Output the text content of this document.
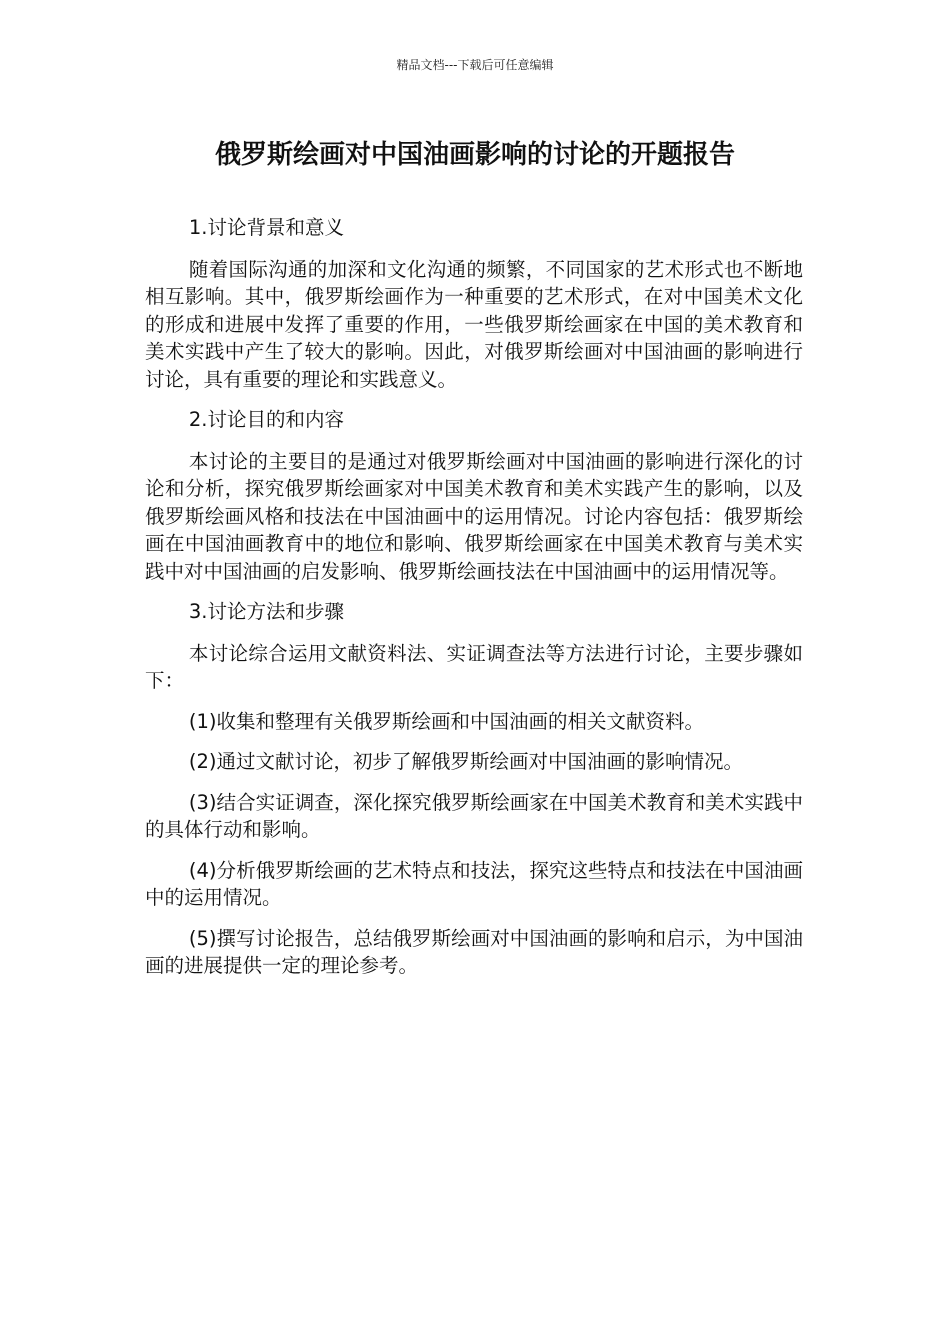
精品文档---下载后可任意编辑
俄罗斯绘画对中国油画影响的讨论的开题报告

1.讨论背景和意义

随着国际沟通的加深和文化沟通的频繁，不同国家的艺术形式也不断地相互影响。其中，俄罗斯绘画作为一种重要的艺术形式，在对中国美术文化的形成和进展中发挥了重要的作用，一些俄罗斯绘画家在中国的美术教育和美术实践中产生了较大的影响。因此，对俄罗斯绘画对中国油画的影响进行讨论，具有重要的理论和实践意义。

2.讨论目的和内容

本讨论的主要目的是通过对俄罗斯绘画对中国油画的影响进行深化的讨论和分析，探究俄罗斯绘画家对中国美术教育和美术实践产生的影响，以及俄罗斯绘画风格和技法在中国油画中的运用情况。讨论内容包括：俄罗斯绘画在中国油画教育中的地位和影响、俄罗斯绘画家在中国美术教育与美术实践中对中国油画的启发影响、俄罗斯绘画技法在中国油画中的运用情况等。

3.讨论方法和步骤

本讨论综合运用文献资料法、实证调查法等方法进行讨论，主要步骤如下：

(1)收集和整理有关俄罗斯绘画和中国油画的相关文献资料。

(2)通过文献讨论，初步了解俄罗斯绘画对中国油画的影响情况。

(3)结合实证调查，深化探究俄罗斯绘画家在中国美术教育和美术实践中的具体行动和影响。

(4)分析俄罗斯绘画的艺术特点和技法，探究这些特点和技法在中国油画中的运用情况。

(5)撰写讨论报告，总结俄罗斯绘画对中国油画的影响和启示，为中国油画的进展提供一定的理论参考。
